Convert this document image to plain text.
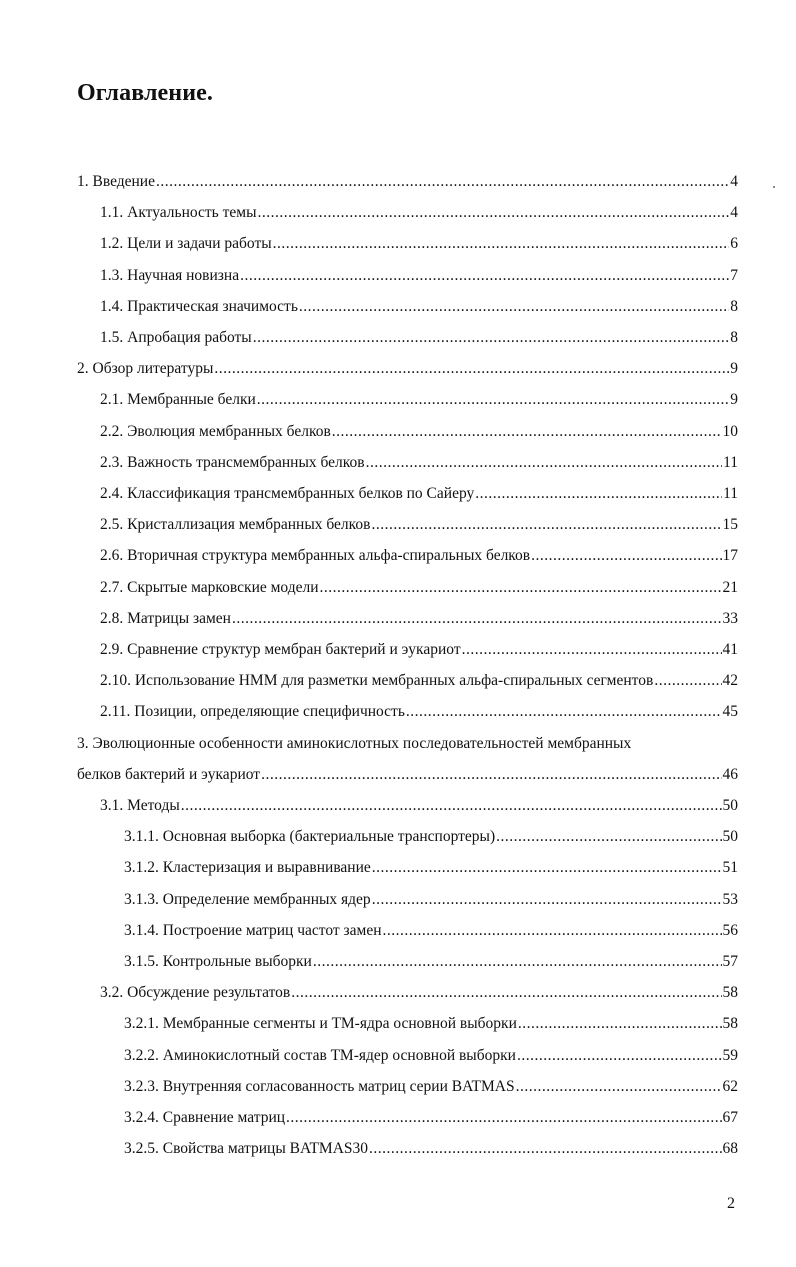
Оглавление.
1. Введение .....	4
1.1. Актуальность темы .....	4
1.2. Цели и задачи работы .....	6
1.3. Научная новизна .....	7
1.4. Практическая значимость .....	8
1.5. Апробация работы .....	8
2. Обзор литературы .....	9
2.1. Мембранные белки .....	9
2.2. Эволюция мембранных белков .....	10
2.3. Важность трансмембранных белков .....	11
2.4. Классификация трансмембранных белков по Сайеру .....	11
2.5. Кристаллизация мембранных белков .....	15
2.6. Вторичная структура мембранных альфа-спиральных белков .....	17
2.7. Скрытые марковские модели .....	21
2.8. Матрицы замен .....	33
2.9. Сравнение структур мембран бактерий и эукариот .....	41
2.10. Использование HMM для разметки мембранных альфа-спиральных сегментов .....	42
2.11. Позиции, определяющие специфичность .....	45
3. Эволюционные особенности аминокислотных последовательностей мембранных
белков бактерий и эукариот .....	46
3.1. Методы .....	50
3.1.1. Основная выборка (бактериальные транспортеры) .....	50
3.1.2. Кластеризация и выравнивание .....	51
3.1.3. Определение мембранных ядер .....	53
3.1.4. Построение матриц частот замен .....	56
3.1.5. Контрольные выборки .....	57
3.2. Обсуждение результатов .....	58
3.2.1. Мембранные сегменты и ТМ-ядра основной выборки .....	58
3.2.2. Аминокислотный состав ТМ-ядер основной выборки .....	59
3.2.3. Внутренняя согласованность матриц серии BATMAS .....	62
3.2.4. Сравнение матриц .....	67
3.2.5. Свойства матрицы BATMAS30 .....	68
2
